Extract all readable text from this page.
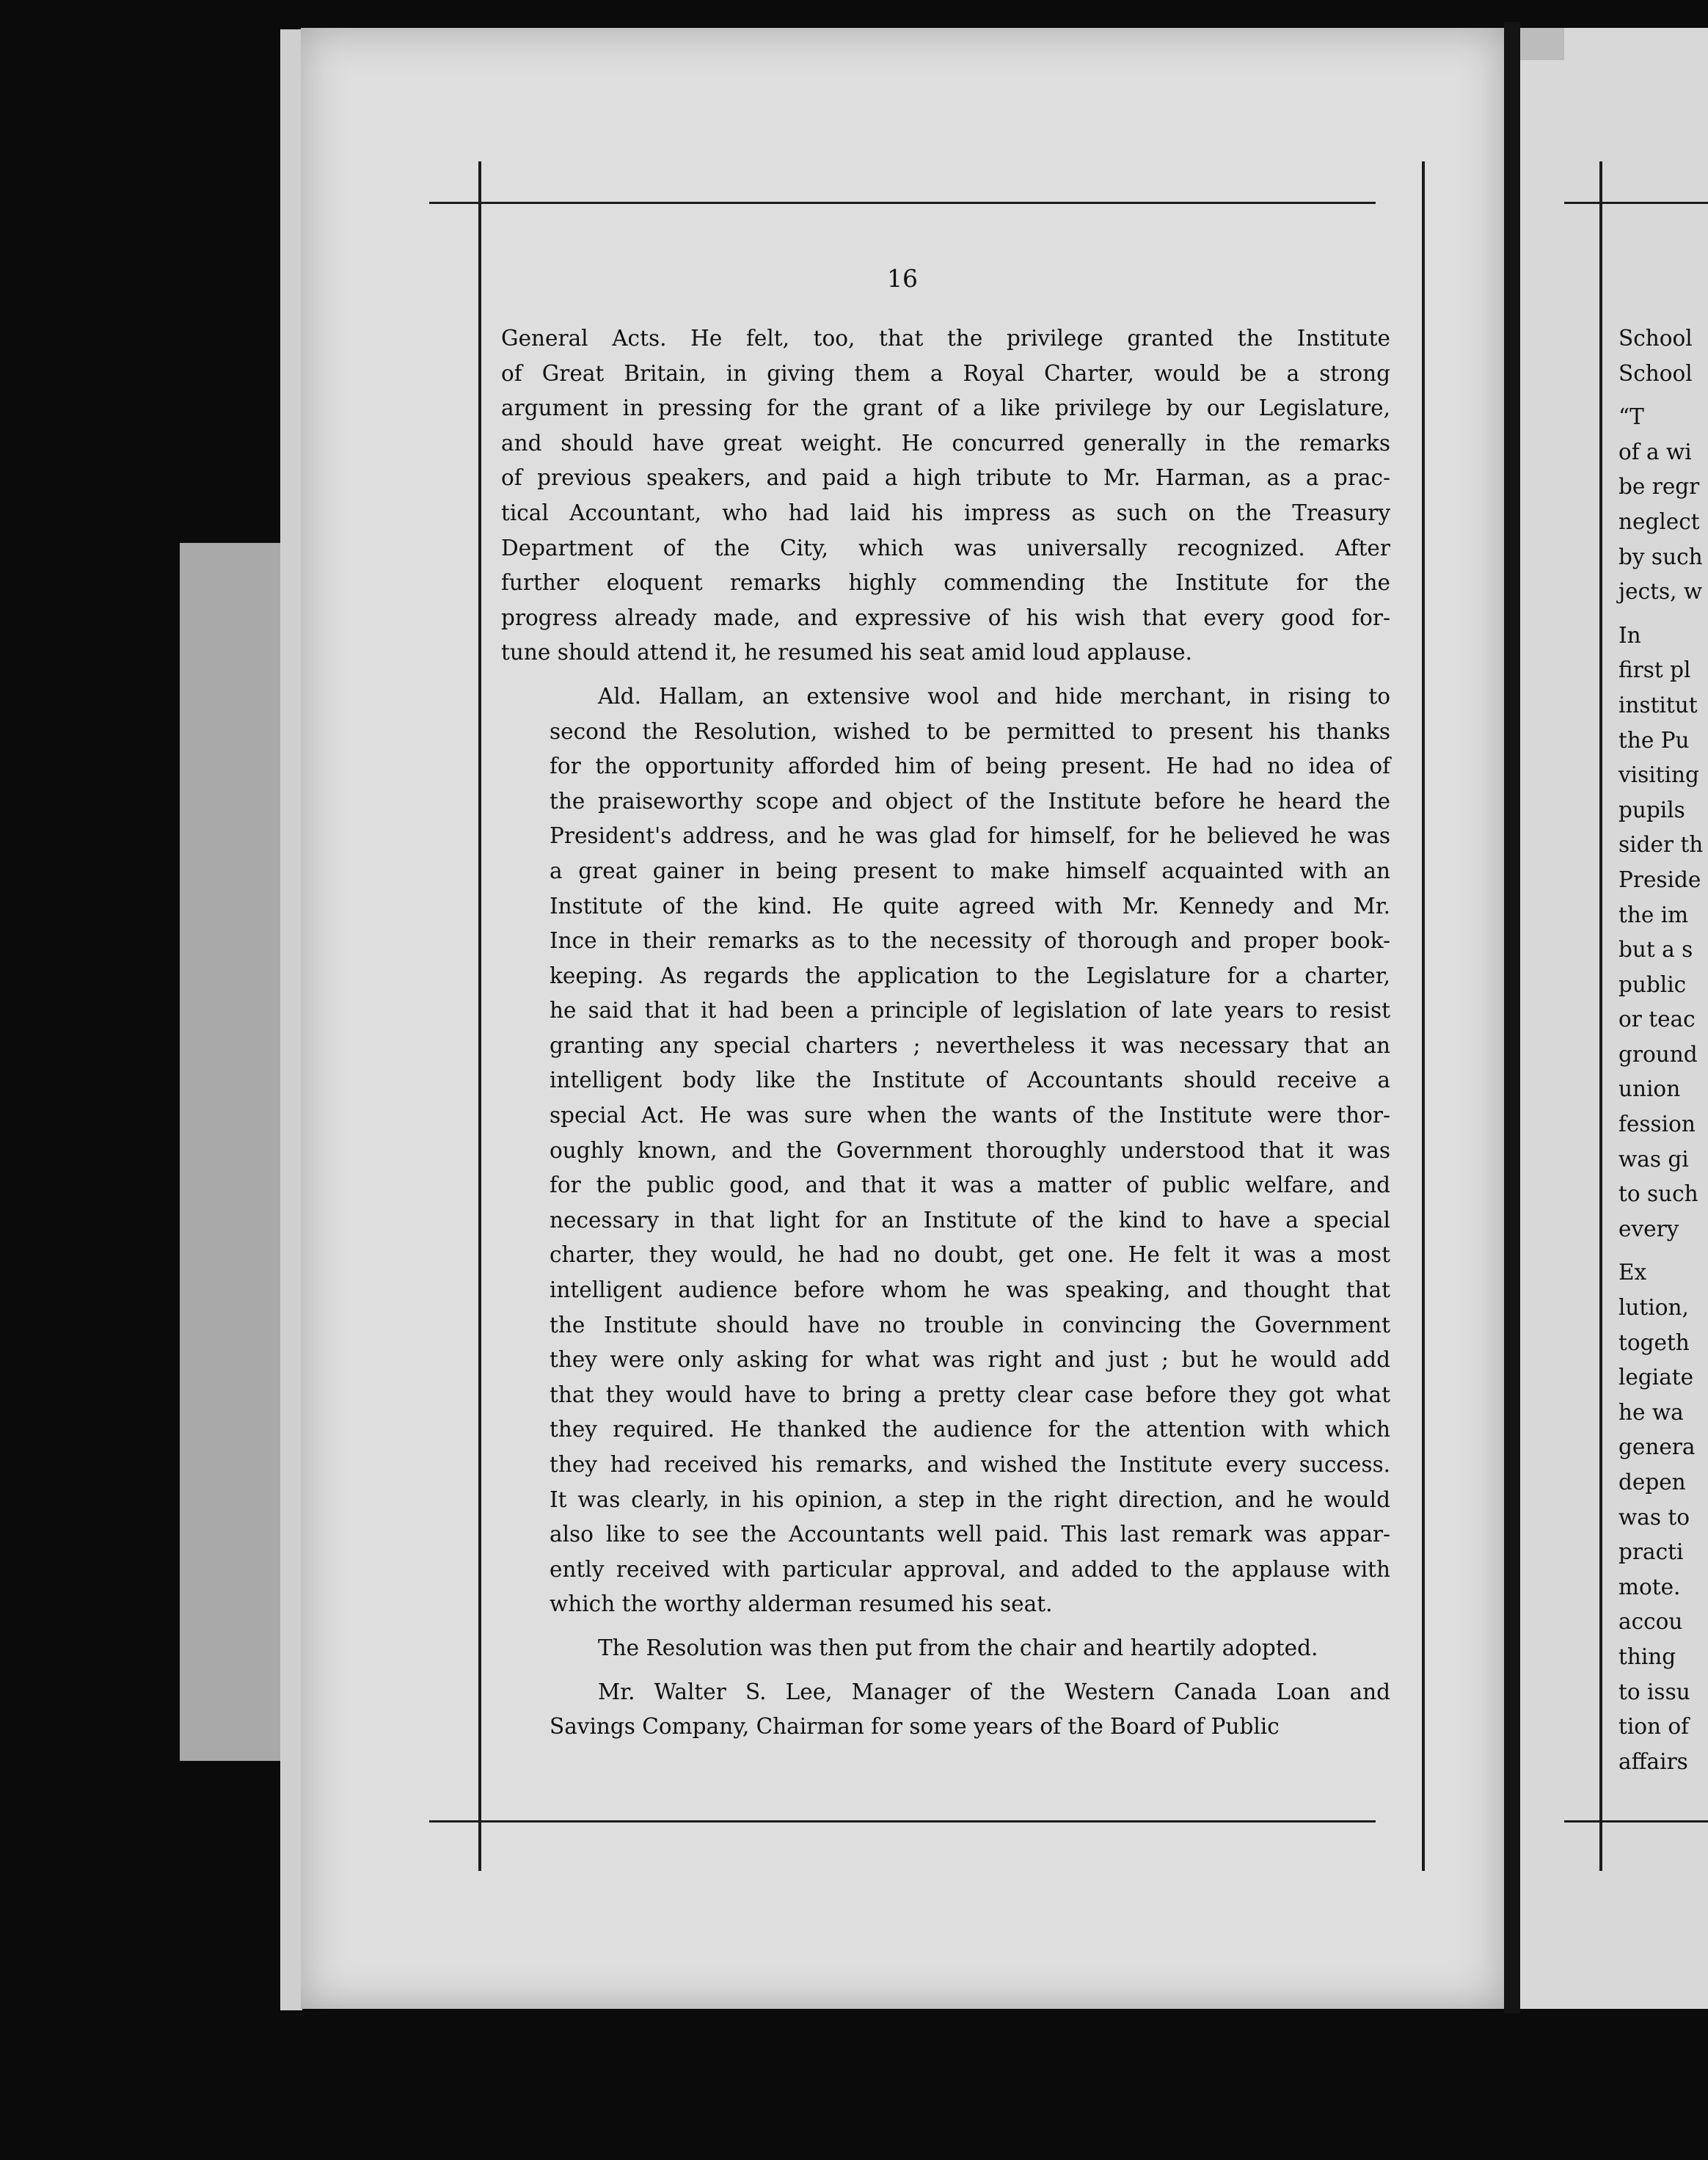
16
General Acts. He felt, too, that the privilege granted the Institute
of Great Britain, in giving them a Royal Charter, would be a strong
argument in pressing for the grant of a like privilege by our Legislature,
and should have great weight. He concurred generally in the remarks
of previous speakers, and paid a high tribute to Mr. Harman, as a prac-
tical Accountant, who had laid his impress as such on the Treasury
Department of the City, which was universally recognized. After
further eloquent remarks highly commending the Institute for the
progress already made, and expressive of his wish that every good for-
tune should attend it, he resumed his seat amid loud applause.
Ald. Hallam, an extensive wool and hide merchant, in rising to
second the Resolution, wished to be permitted to present his thanks
for the opportunity afforded him of being present. He had no idea of
the praiseworthy scope and object of the Institute before he heard the
President's address, and he was glad for himself, for he believed he was
a great gainer in being present to make himself acquainted with an
Institute of the kind. He quite agreed with Mr. Kennedy and Mr.
Ince in their remarks as to the necessity of thorough and proper book-
keeping. As regards the application to the Legislature for a charter,
he said that it had been a principle of legislation of late years to resist
granting any special charters ; nevertheless it was necessary that an
intelligent body like the Institute of Accountants should receive a
special Act. He was sure when the wants of the Institute were thor-
oughly known, and the Government thoroughly understood that it was
for the public good, and that it was a matter of public welfare, and
necessary in that light for an Institute of the kind to have a special
charter, they would, he had no doubt, get one. He felt it was a most
intelligent audience before whom he was speaking, and thought that
the Institute should have no trouble in convincing the Government
they were only asking for what was right and just ; but he would add
that they would have to bring a pretty clear case before they got what
they required. He thanked the audience for the attention with which
they had received his remarks, and wished the Institute every success.
It was clearly, in his opinion, a step in the right direction, and he would
also like to see the Accountants well paid. This last remark was appar-
ently received with particular approval, and added to the applause with
which the worthy alderman resumed his seat.
The Resolution was then put from the chair and heartily adopted.
Mr. Walter S. Lee, Manager of the Western Canada Loan and
Savings Company, Chairman for some years of the Board of Public
School
School
“T
of a wi
be regr
neglect
by such
jects, w
In
first pl
institut
the Pu
visiting
pupils
sider th
Preside
the im
but a s
public
or teac
ground
union
fession
was gi
to such
every
Ex
lution,
togeth
legiate
he wa
genera
depen
was to
practi
mote.
accou
thing
to issu
tion of
affairs
